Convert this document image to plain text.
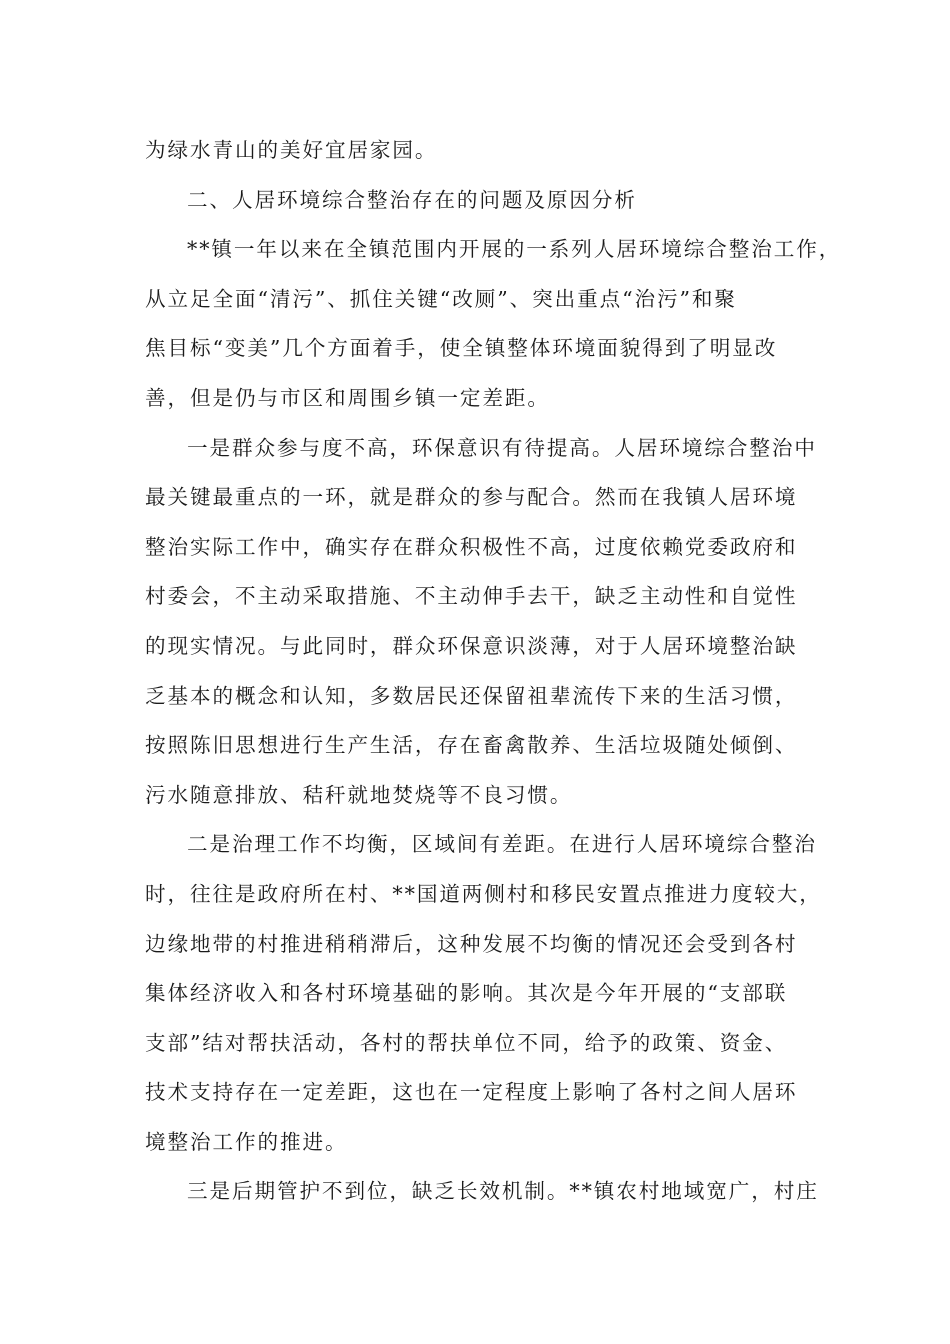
为绿水青山的美好宜居家园。

二、人居环境综合整治存在的问题及原因分析

**镇一年以来在全镇范围内开展的一系列人居环境综合整治工作，
从立足全面“清污”、抓住关键“改厕”、突出重点“治污”和聚
焦目标“变美”几个方面着手，使全镇整体环境面貌得到了明显改
善，但是仍与市区和周围乡镇一定差距。

一是群众参与度不高，环保意识有待提高。人居环境综合整治中
最关键最重点的一环，就是群众的参与配合。然而在我镇人居环境
整治实际工作中，确实存在群众积极性不高，过度依赖党委政府和
村委会，不主动采取措施、不主动伸手去干，缺乏主动性和自觉性
的现实情况。与此同时，群众环保意识淡薄，对于人居环境整治缺
乏基本的概念和认知，多数居民还保留祖辈流传下来的生活习惯，
按照陈旧思想进行生产生活，存在畜禽散养、生活垃圾随处倾倒、
污水随意排放、秸秆就地焚烧等不良习惯。

二是治理工作不均衡，区域间有差距。在进行人居环境综合整治
时，往往是政府所在村、**国道两侧村和移民安置点推进力度较大，
边缘地带的村推进稍稍滞后，这种发展不均衡的情况还会受到各村
集体经济收入和各村环境基础的影响。其次是今年开展的“支部联
支部”结对帮扶活动，各村的帮扶单位不同，给予的政策、资金、
技术支持存在一定差距，这也在一定程度上影响了各村之间人居环
境整治工作的推进。

三是后期管护不到位，缺乏长效机制。**镇农村地域宽广，村庄
